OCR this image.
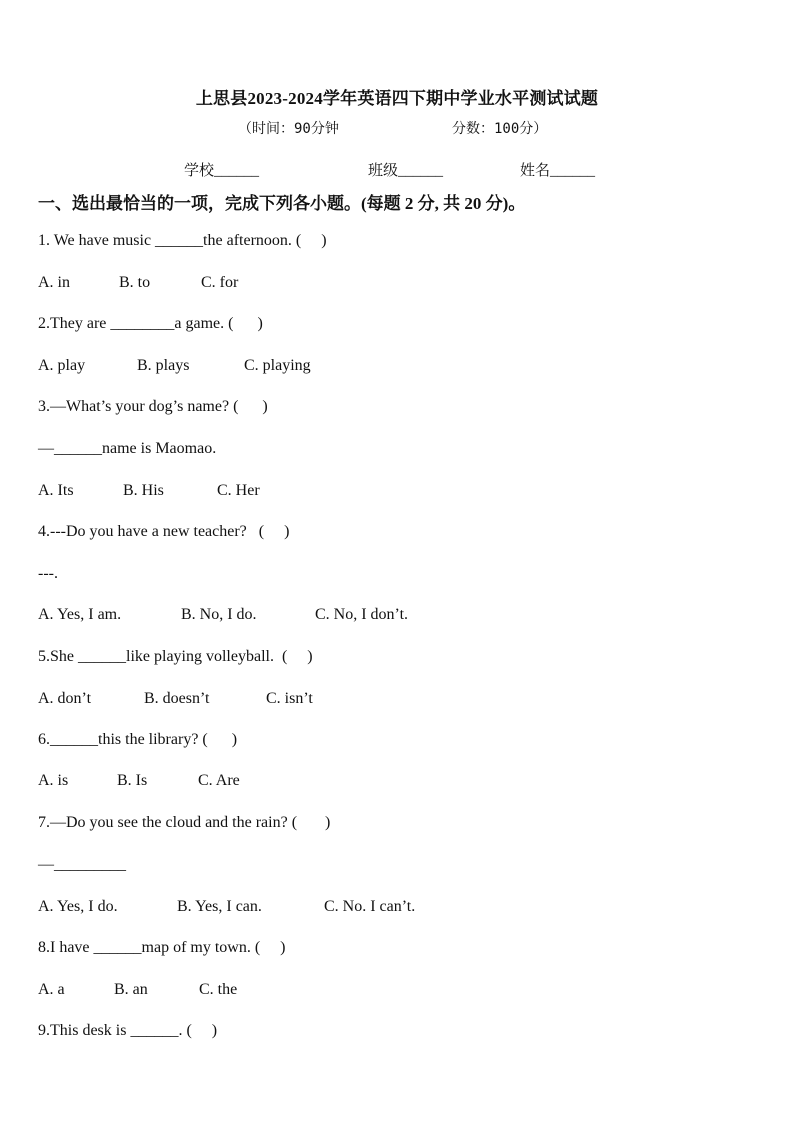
上思县2023-2024学年英语四下期中学业水平测试试题
（时间：90分钟	分数：100分）
学校______	班级______	姓名______
一、选出最恰当的一项，完成下列各小题。(每题 2 分, 共 20 分)。
1. We have music ______the afternoon. (     )
A. in	B. to	C. for
2.They are ________a game. (      )
A. play	B. plays	C. playing
3.—What’s your dog’s name? (      )
—______name is Maomao.
A. Its	B. His	C. Her
4.---Do you have a new teacher?   (     )
---.
A. Yes, I am.	B. No, I do.	C. No, I don’t.
5.She ______like playing volleyball.  (     )
A. don’t	B. doesn’t	C. isn’t
6.______this the library? (      )
A. is	B. Is	C. Are
7.—Do you see the cloud and the rain? (       )
—_________
A. Yes, I do.	B. Yes, I can.	C. No. I can’t.
8.I have ______map of my town. (     )
A. a	B. an	C. the
9.This desk is ______. (     )
